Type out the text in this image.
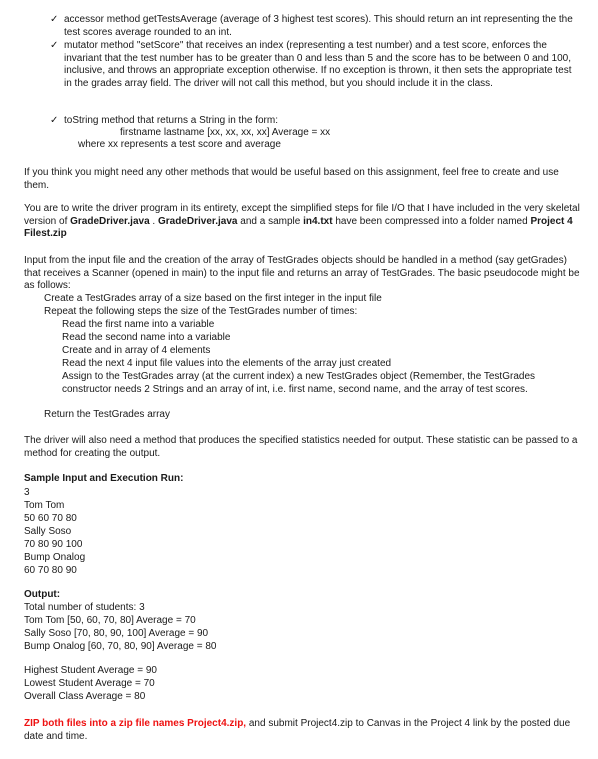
✓ accessor method getTestsAverage (average of 3 highest test scores). This should return an int representing the the test scores average rounded to an int.
✓ mutator method "setScore" that receives an index (representing a test number) and a test score, enforces the invariant that the test number has to be greater than 0 and less than 5 and the score has to be between 0 and 100, inclusive, and throws an appropriate exception otherwise. If no exception is thrown, it then sets the appropriate test in the grades array field. The driver will not call this method, but you should include it in the class.
✓ toString method that returns a String in the form:
firstname lastname [xx, xx, xx, xx] Average = xx
where xx represents a test score and average
If you think you might need any other methods that would be useful based on this assignment, feel free to create and use them.
You are to write the driver program in its entirety, except the simplified steps for file I/O that I have included in the very skeletal version of GradeDriver.java . GradeDriver.java and a sample in4.txt have been compressed into a folder named Project 4 Filest.zip
Input from the input file and the creation of the array of TestGrades objects should be handled in a method (say getGrades) that receives a Scanner (opened in main) to the input file and returns an array of TestGrades. The basic pseudocode might be as follows:
Create a TestGrades array of a size based on the first integer in the input file
Repeat the following steps the size of the TestGrades number of times:
Read the first name into a variable
Read the second name into a variable
Create and in array of 4 elements
Read the next 4 input file values into the elements of the array just created
Assign to the TestGrades array (at the current index) a new TestGrades object (Remember, the TestGrades constructor needs 2 Strings and an array of int, i.e. first name, second name, and the array of test scores.
Return the TestGrades array
The driver will also need a method that produces the specified statistics needed for output. These statistic can be passed to a method for creating the output.
Sample Input and Execution Run:
3
Tom Tom
50 60 70 80
Sally Soso
70 80 90 100
Bump Onalog
60 70 80 90
Output:
Total number of students: 3
Tom Tom [50, 60, 70, 80] Average = 70
Sally Soso [70, 80, 90, 100] Average = 90
Bump Onalog [60, 70, 80, 90] Average = 80
Highest Student Average = 90
Lowest Student Average = 70
Overall Class Average = 80
ZIP both files into a zip file names Project4.zip, and submit Project4.zip to Canvas in the Project 4 link by the posted due date and time.
